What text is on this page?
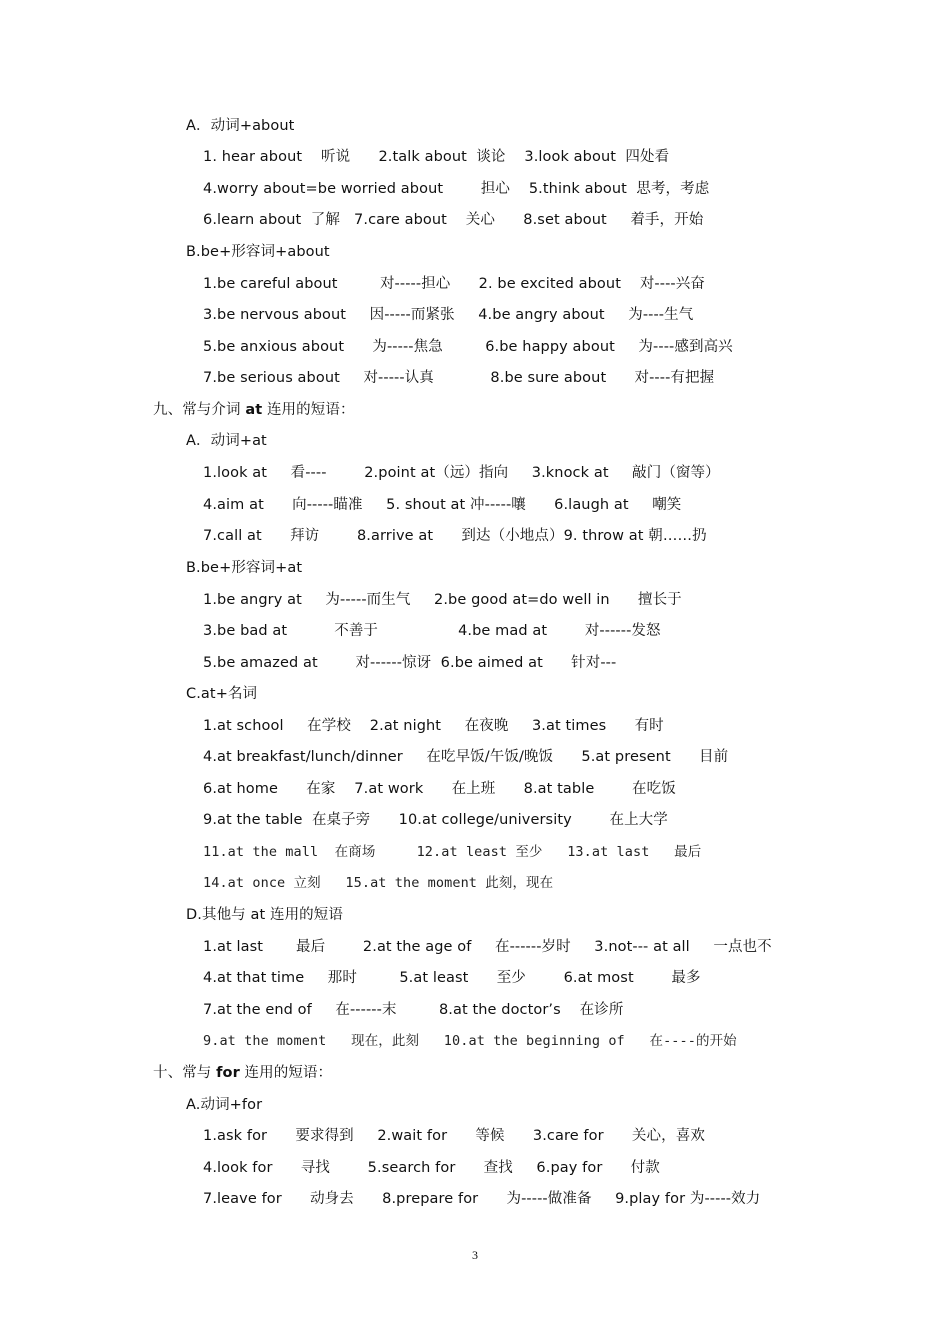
A．动词+about
1. hear about    听说      2.talk about  谈论    3.look about  四处看
4.worry about=be worried about        担心    5.think about  思考，考虑
6.learn about  了解   7.care about    关心      8.set about     着手，开始
B.be+形容词+about
1.be careful about         对-----担心      2. be excited about    对----兴奋
3.be nervous about     因-----而紧张     4.be angry about     为----生气
5.be anxious about      为-----焦急         6.be happy about     为----感到高兴
7.be serious about     对-----认真            8.be sure about      对----有把握
九、常与介词 at 连用的短语：
A．动词+at
1.look at     看----        2.point at（远）指向     3.knock at     敲门（窗等）
4.aim at      向-----瞄准     5. shout at 冲-----嚷      6.laugh at     嘲笑
7.call at      拜访        8.arrive at      到达（小地点）9. throw at 朝……扔
B.be+形容词+at
1.be angry at     为-----而生气     2.be good at=do well in      擅长于
3.be bad at          不善于                 4.be mad at        对------发怒
5.be amazed at        对------惊讶  6.be aimed at      针对---
C.at+名词
1.at school     在学校    2.at night     在夜晚     3.at times      有时
4.at breakfast/lunch/dinner     在吃早饭/午饭/晚饭      5.at present      目前
6.at home      在家    7.at work      在上班      8.at table        在吃饭
9.at the table  在桌子旁      10.at college/university        在上大学
11.at the mall  在商场     12.at least 至少   13.at last   最后
14.at once 立刻   15.at the moment 此刻，现在
D.其他与 at 连用的短语
1.at last       最后        2.at the age of     在------岁时     3.not--- at all     一点也不
4.at that time     那时         5.at least      至少        6.at most        最多
7.at the end of     在------末         8.at the doctor’s    在诊所
9.at the moment   现在，此刻   10.at the beginning of   在----的开始
十、常与 for 连用的短语：
A.动词+for
1.ask for      要求得到     2.wait for      等候      3.care for      关心，喜欢
4.look for      寻找        5.search for      查找     6.pay for      付款
7.leave for      动身去      8.prepare for      为-----做准备     9.play for 为-----效力
3
